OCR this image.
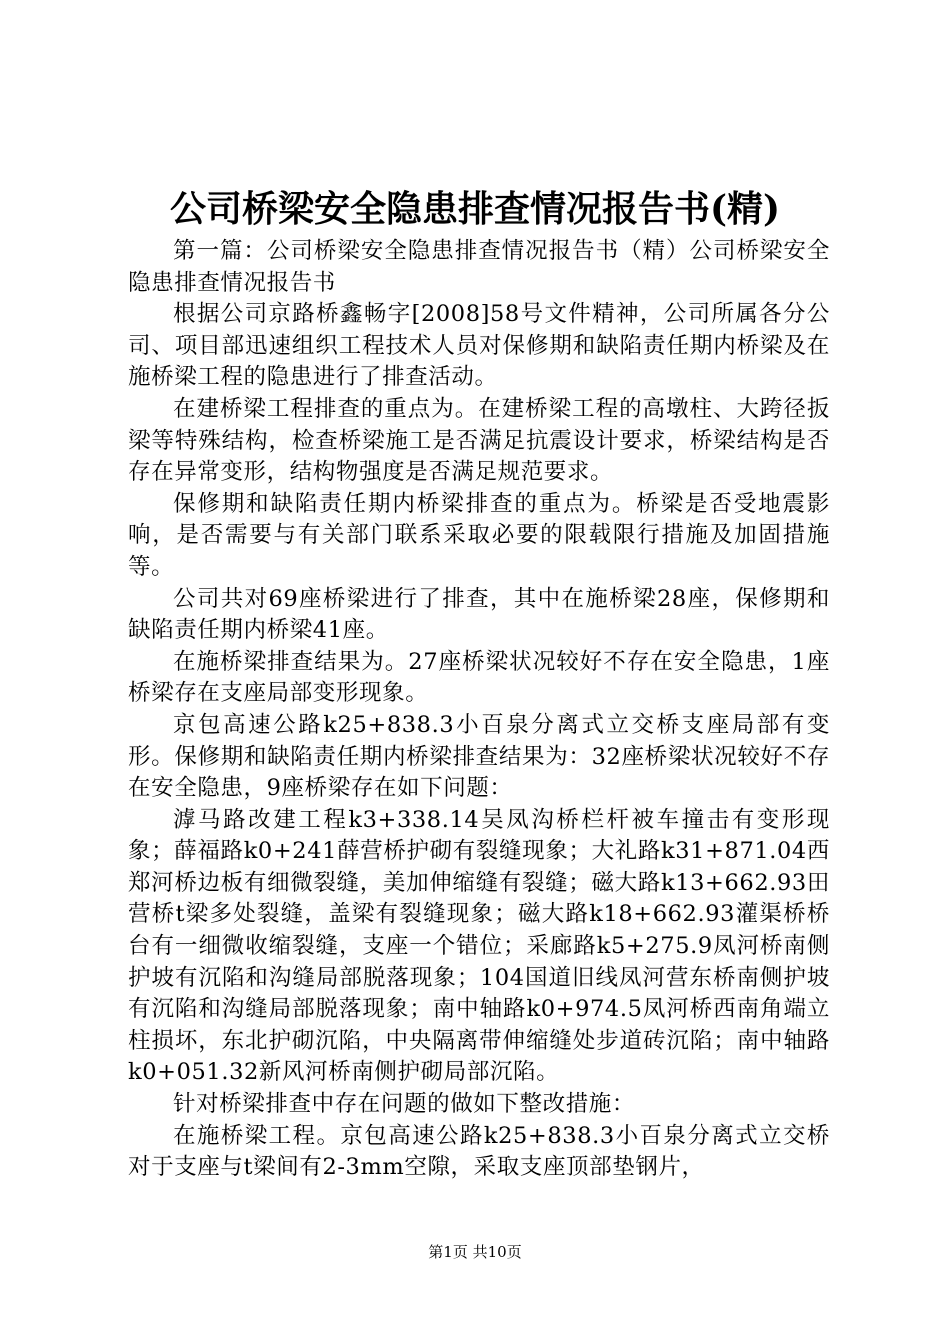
公司桥梁安全隐患排查情况报告书(精)

第一篇：公司桥梁安全隐患排查情况报告书（精）公司桥梁安全隐患排查情况报告书

根据公司京路桥鑫畅字[2008]58号文件精神，公司所属各分公司、项目部迅速组织工程技术人员对保修期和缺陷责任期内桥梁及在施桥梁工程的隐患进行了排查活动。

在建桥梁工程排查的重点为。在建桥梁工程的高墩柱、大跨径扳梁等特殊结构，检查桥梁施工是否满足抗震设计要求，桥梁结构是否存在异常变形，结构物强度是否满足规范要求。

保修期和缺陷责任期内桥梁排查的重点为。桥梁是否受地震影响，是否需要与有关部门联系采取必要的限载限行措施及加固措施等。

公司共对69座桥梁进行了排查，其中在施桥梁28座，保修期和缺陷责任期内桥梁41座。

在施桥梁排查结果为。27座桥梁状况较好不存在安全隐患，1座桥梁存在支座局部变形现象。

京包高速公路k25+838.3小百泉分离式立交桥支座局部有变形。保修期和缺陷责任期内桥梁排查结果为：32座桥梁状况较好不存在安全隐患，9座桥梁存在如下问题：

滹马路改建工程k3+338.14吴凤沟桥栏杆被车撞击有变形现象；薛福路k0+241薛营桥护砌有裂缝现象；大礼路k31+871.04西郑河桥边板有细微裂缝，美加伸缩缝有裂缝；磁大路k13+662.93田营桥t梁多处裂缝，盖梁有裂缝现象；磁大路k18+662.93灌渠桥桥台有一细微收缩裂缝，支座一个错位；采廊路k5+275.9凤河桥南侧护坡有沉陷和沟缝局部脱落现象；104国道旧线凤河营东桥南侧护坡有沉陷和沟缝局部脱落现象；南中轴路k0+974.5凤河桥西南角端立柱损坏，东北护砌沉陷，中央隔离带伸缩缝处步道砖沉陷；南中轴路k0+051.32新风河桥南侧护砌局部沉陷。

针对桥梁排查中存在问题的做如下整改措施：

在施桥梁工程。京包高速公路k25+838.3小百泉分离式立交桥对于支座与t梁间有2-3mm空隙，采取支座顶部垫钢片，

第1页 共10页
